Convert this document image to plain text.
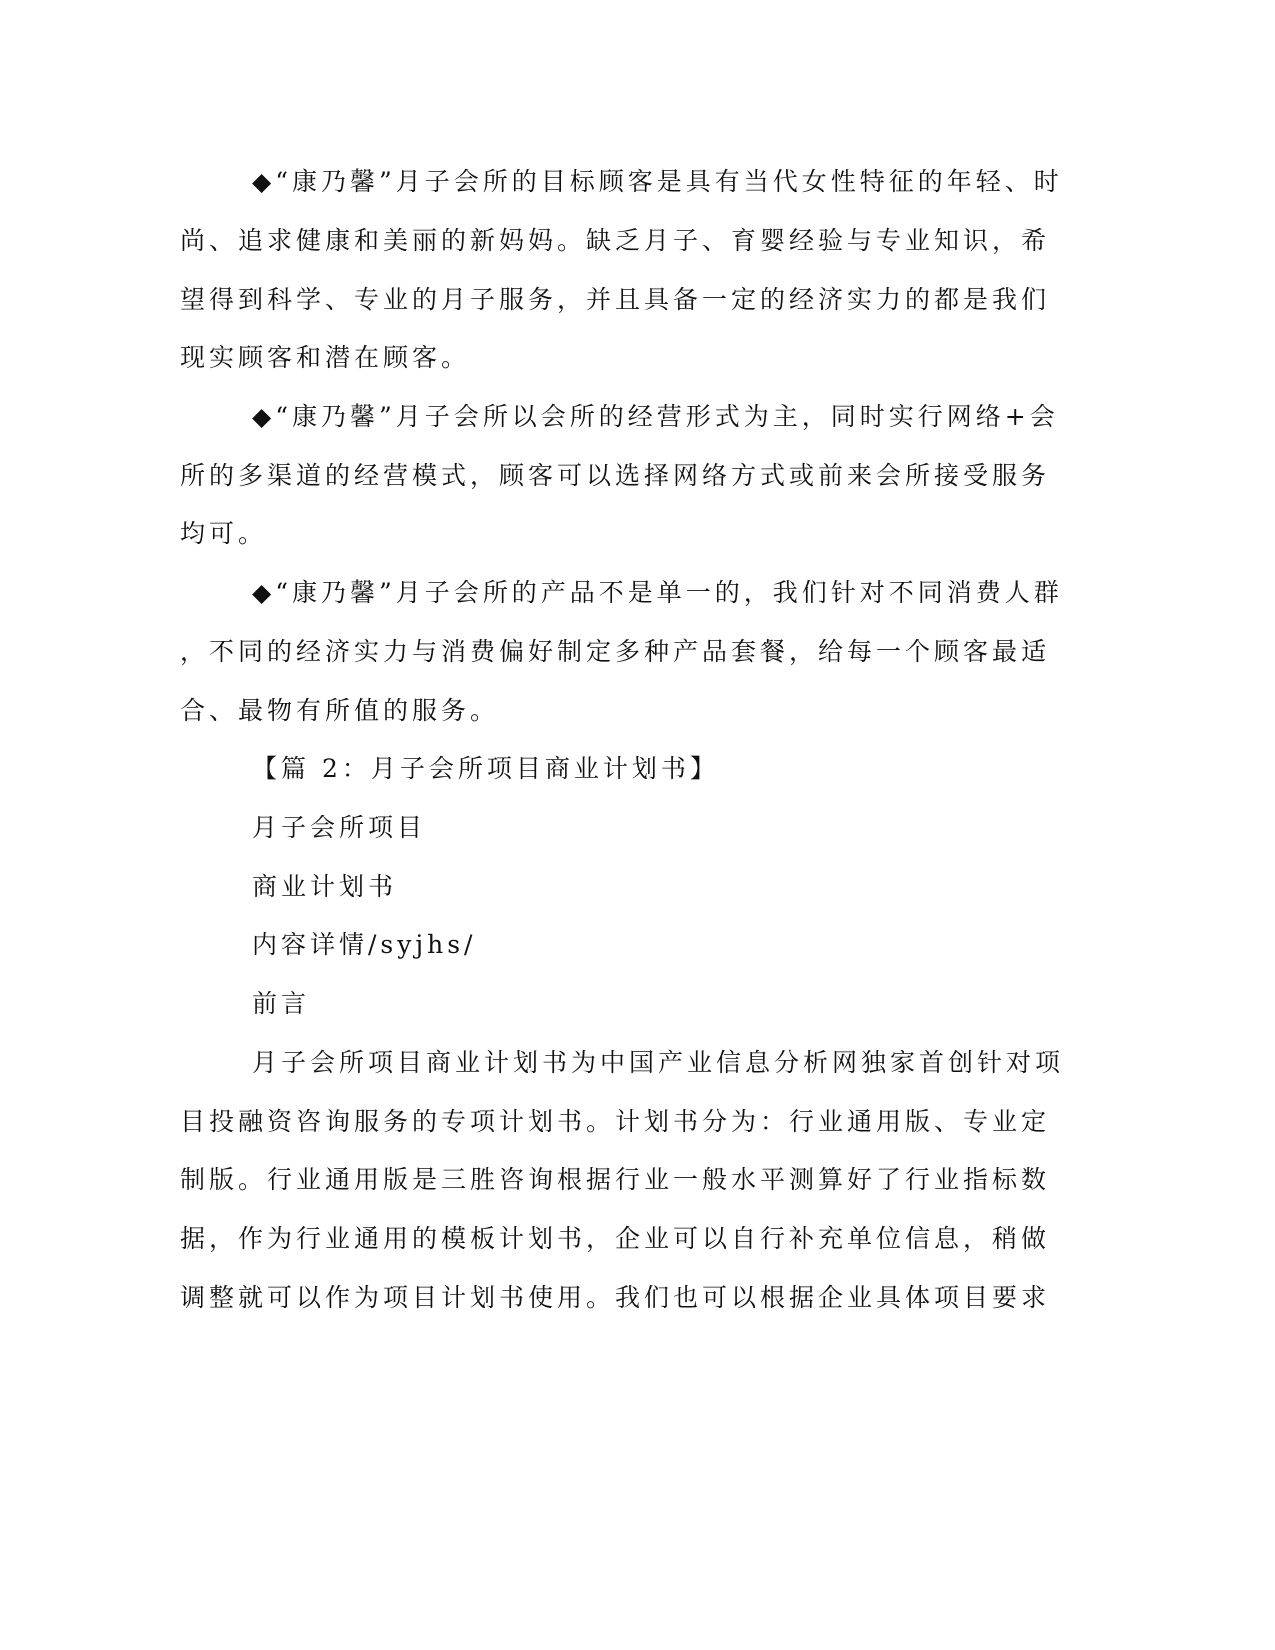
◆“康乃馨”月子会所的目标顾客是具有当代女性特征的年轻、时
尚、追求健康和美丽的新妈妈。缺乏月子、育婴经验与专业知识，希
望得到科学、专业的月子服务，并且具备一定的经济实力的都是我们
现实顾客和潜在顾客。
◆“康乃馨”月子会所以会所的经营形式为主，同时实行网络+会
所的多渠道的经营模式，顾客可以选择网络方式或前来会所接受服务
均可。
◆“康乃馨”月子会所的产品不是单一的，我们针对不同消费人群
，不同的经济实力与消费偏好制定多种产品套餐，给每一个顾客最适
合、最物有所值的服务。
【篇 2：月子会所项目商业计划书】
月子会所项目
商业计划书
内容详情/syjhs/
前言
月子会所项目商业计划书为中国产业信息分析网独家首创针对项
目投融资咨询服务的专项计划书。计划书分为：行业通用版、专业定
制版。行业通用版是三胜咨询根据行业一般水平测算好了行业指标数
据，作为行业通用的模板计划书，企业可以自行补充单位信息，稍做
调整就可以作为项目计划书使用。我们也可以根据企业具体项目要求
